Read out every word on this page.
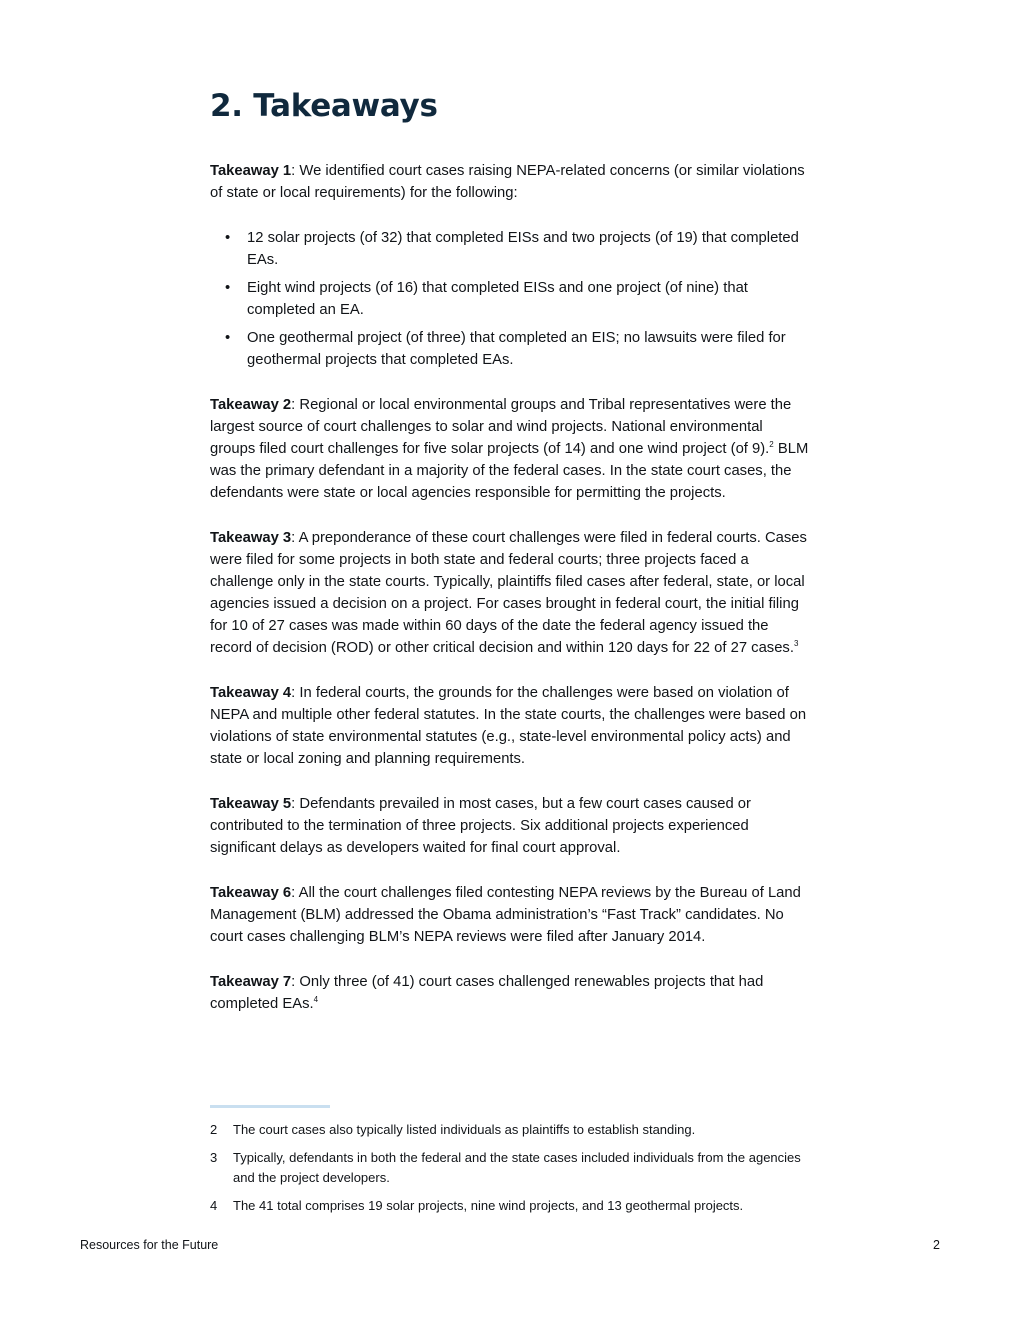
2. Takeaways

Takeaway 1: We identified court cases raising NEPA-related concerns (or similar violations of state or local requirements) for the following:

• 12 solar projects (of 32) that completed EISs and two projects (of 19) that completed EAs.
• Eight wind projects (of 16) that completed EISs and one project (of nine) that completed an EA.
• One geothermal project (of three) that completed an EIS; no lawsuits were filed for geothermal projects that completed EAs.

Takeaway 2: Regional or local environmental groups and Tribal representatives were the largest source of court challenges to solar and wind projects. National environmental groups filed court challenges for five solar projects (of 14) and one wind project (of 9).$^2$ BLM was the primary defendant in a majority of the federal cases. In the state court cases, the defendants were state or local agencies responsible for permitting the projects.

Takeaway 3: A preponderance of these court challenges were filed in federal courts. Cases were filed for some projects in both state and federal courts; three projects faced a challenge only in the state courts. Typically, plaintiffs filed cases after federal, state, or local agencies issued a decision on a project. For cases brought in federal court, the initial filing for 10 of 27 cases was made within 60 days of the date the federal agency issued the record of decision (ROD) or other critical decision and within 120 days for 22 of 27 cases.$^3$

Takeaway 4: In federal courts, the grounds for the challenges were based on violation of NEPA and multiple other federal statutes. In the state courts, the challenges were based on violations of state environmental statutes (e.g., state-level environmental policy acts) and state or local zoning and planning requirements.

Takeaway 5: Defendants prevailed in most cases, but a few court cases caused or contributed to the termination of three projects. Six additional projects experienced significant delays as developers waited for final court approval.

Takeaway 6: All the court challenges filed contesting NEPA reviews by the Bureau of Land Management (BLM) addressed the Obama administration’s “Fast Track” candidates. No court cases challenging BLM’s NEPA reviews were filed after January 2014.

Takeaway 7: Only three (of 41) court cases challenged renewables projects that had completed EAs.$^4$

2	The court cases also typically listed individuals as plaintiffs to establish standing.
3	Typically, defendants in both the federal and the state cases included individuals from the agencies and the project developers.
4	The 41 total comprises 19 solar projects, nine wind projects, and 13 geothermal projects.
Resources for the Future	2
